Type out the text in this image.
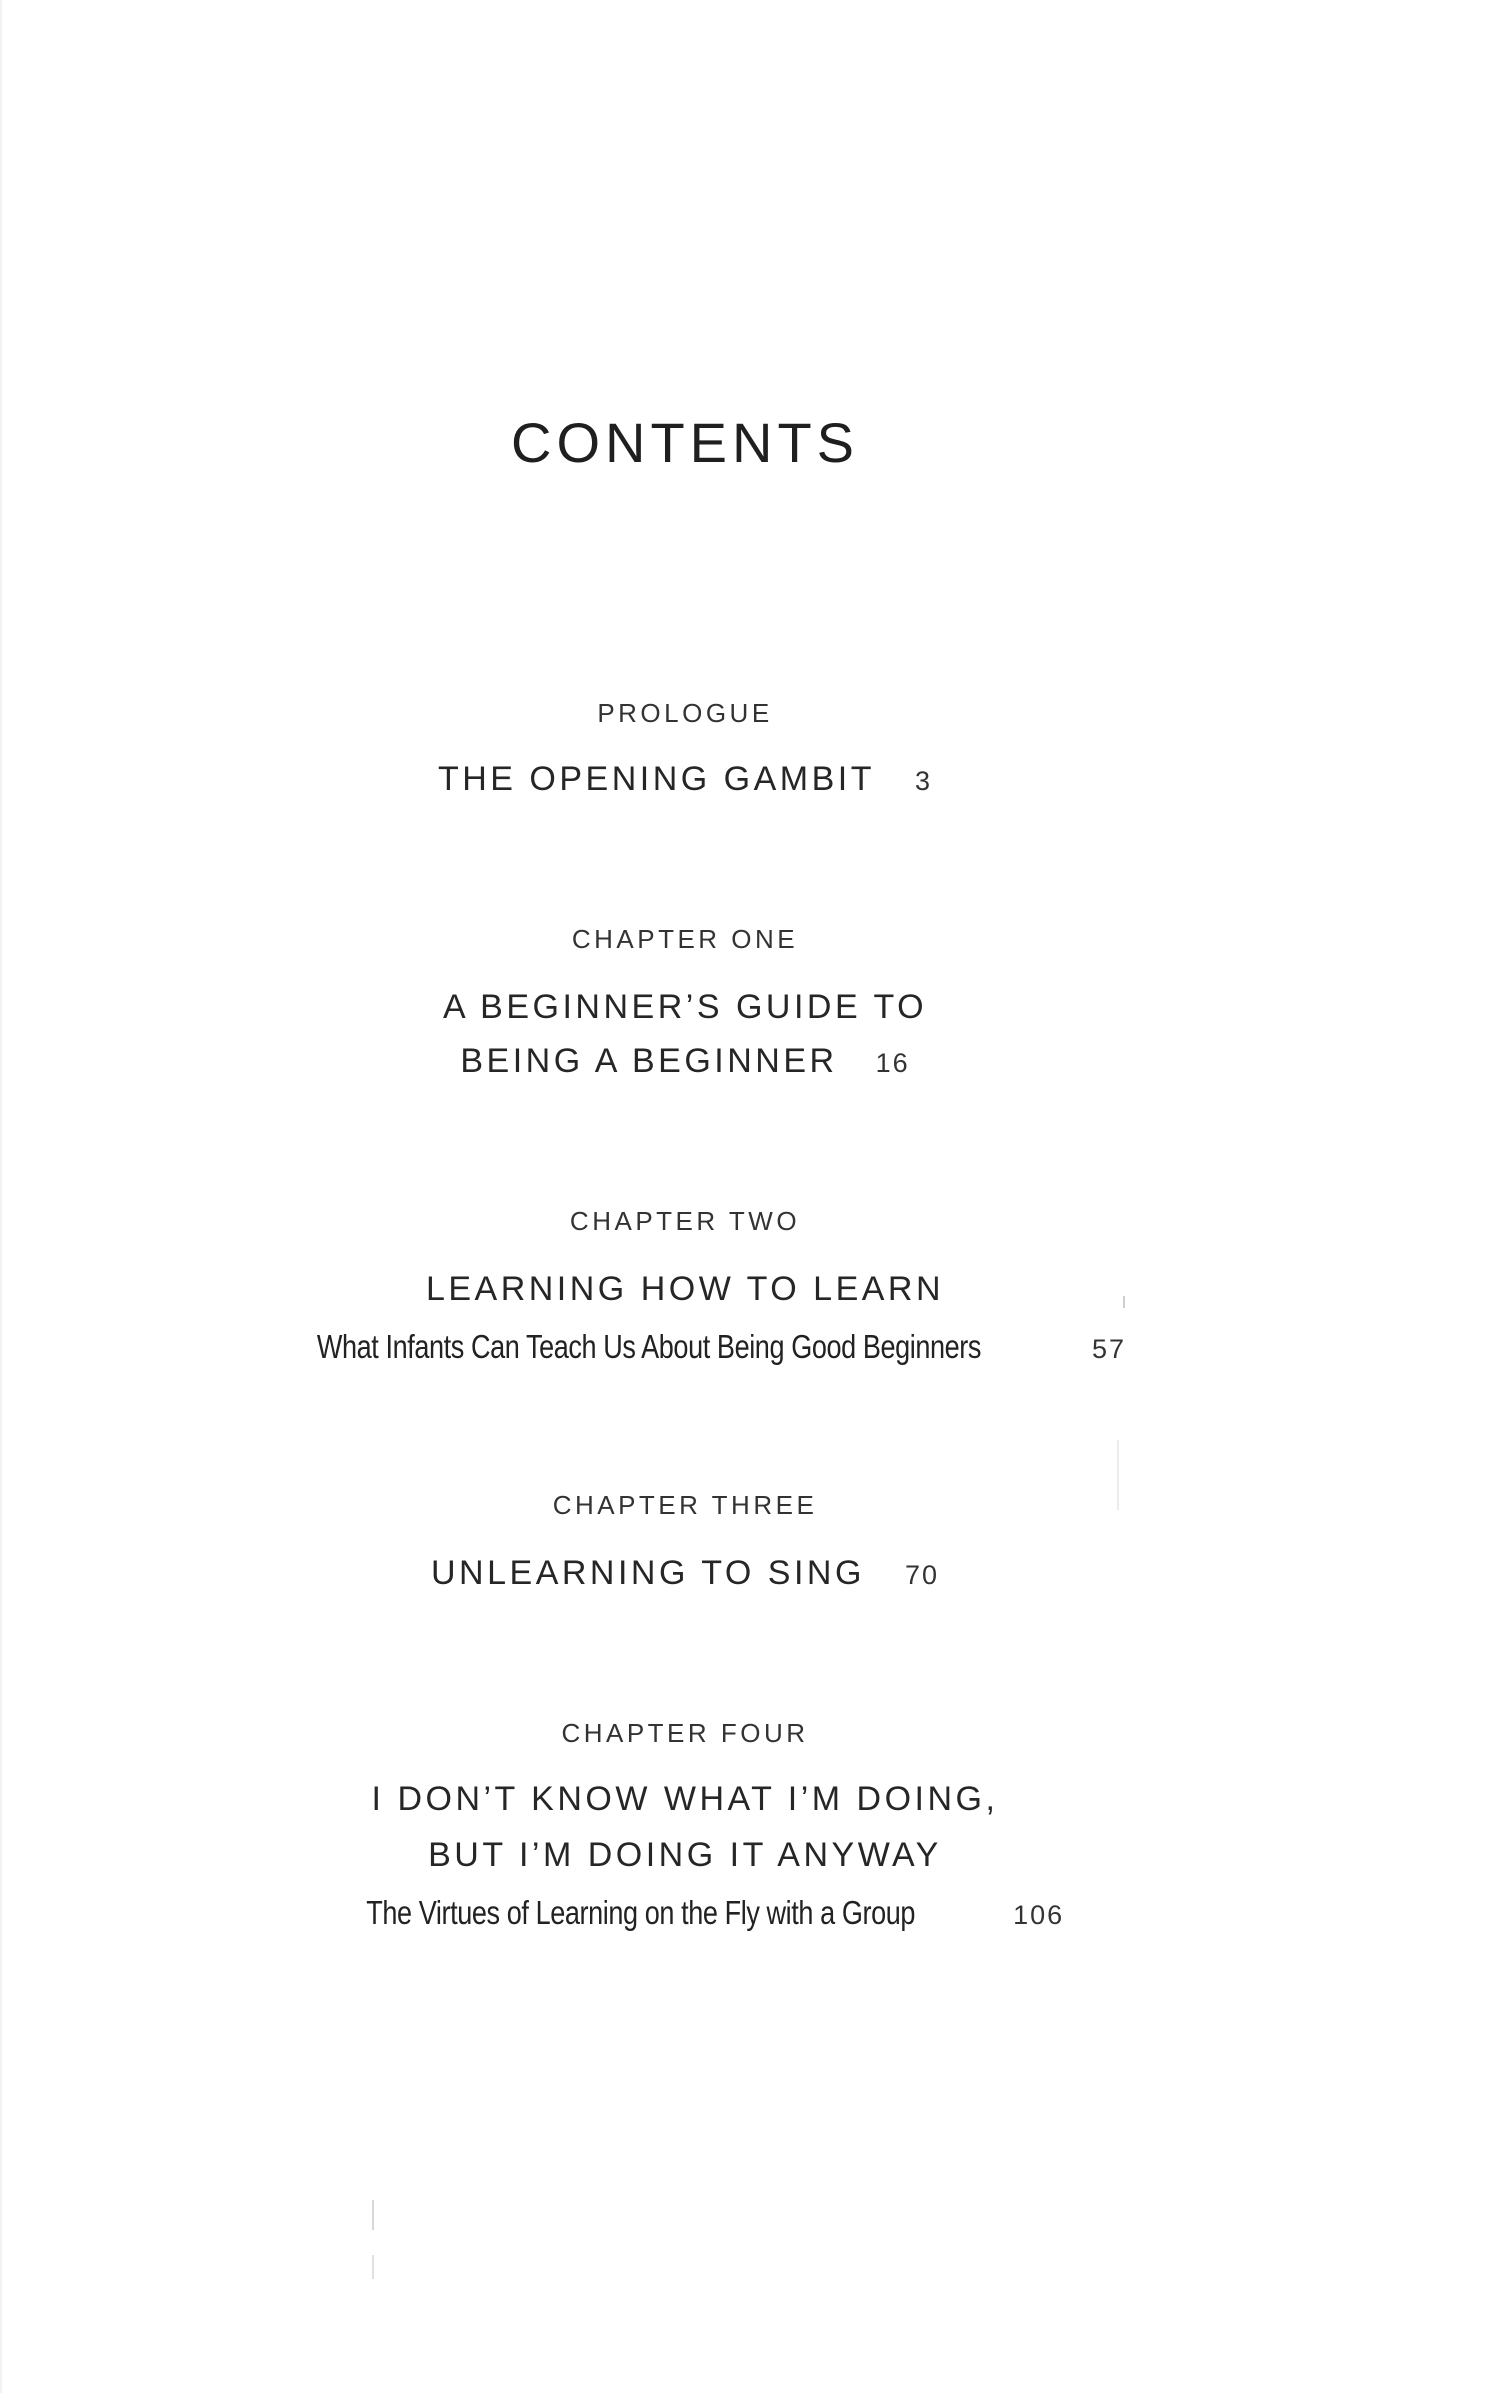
CONTENTS
PROLOGUE
THE OPENING GAMBIT 3
CHAPTER ONE
A BEGINNER’S GUIDE TO
BEING A BEGINNER 16
CHAPTER TWO
LEARNING HOW TO LEARN
What Infants Can Teach Us About Being Good Beginners	57
CHAPTER THREE
UNLEARNING TO SING 70
CHAPTER FOUR
I DON’T KNOW WHAT I’M DOING,
BUT I’M DOING IT ANYWAY
The Virtues of Learning on the Fly with a Group	106
